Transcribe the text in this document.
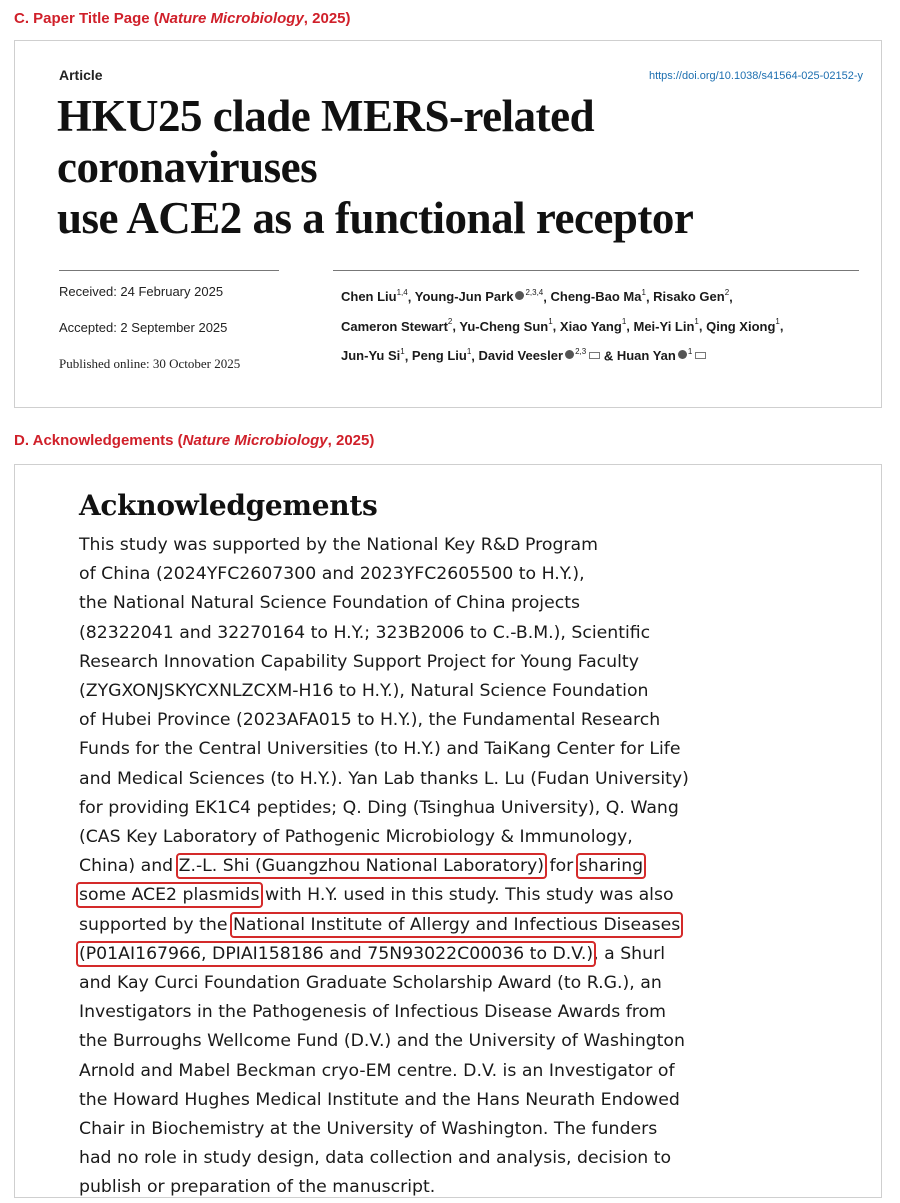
C. Paper Title Page (Nature Microbiology, 2025)
Article	https://doi.org/10.1038/s41564-025-02152-y
HKU25 clade MERS-related coronaviruses
use ACE2 as a functional receptor
Received: 24 February 2025
Accepted: 2 September 2025
Published online: 30 October 2025
Chen Liu$^{1,4}$, Young-Jun Park $^{2,3,4}$, Cheng-Bao Ma$^1$, Risako Gen$^2$,
Cameron Stewart$^2$, Yu-Cheng Sun$^1$, Xiao Yang$^1$, Mei-Yi Lin$^1$, Qing Xiong$^1$,
Jun-Yu Si$^1$, Peng Liu$^1$, David Veesler $^{2,3}$ & Huan Yan $^1$
D. Acknowledgements (Nature Microbiology, 2025)
Acknowledgements
This study was supported by the National Key R&D Program
of China (2024YFC2607300 and 2023YFC2605500 to H.Y.),
the National Natural Science Foundation of China projects
(82322041 and 32270164 to H.Y.; 323B2006 to C.-B.M.), Scientific
Research Innovation Capability Support Project for Young Faculty
(ZYGXONJSKYCXNLZCXM-H16 to H.Y.), Natural Science Foundation
of Hubei Province (2023AFA015 to H.Y.), the Fundamental Research
Funds for the Central Universities (to H.Y.) and TaiKang Center for Life
and Medical Sciences (to H.Y.). Yan Lab thanks L. Lu (Fudan University)
for providing EK1C4 peptides; Q. Ding (Tsinghua University), Q. Wang
(CAS Key Laboratory of Pathogenic Microbiology & Immunology,
China) and Z.-L. Shi (Guangzhou National Laboratory) for sharing
some ACE2 plasmids with H.Y. used in this study. This study was also
supported by the National Institute of Allergy and Infectious Diseases
(P01AI167966, DPIAI158186 and 75N93022C00036 to D.V.), a Shurl
and Kay Curci Foundation Graduate Scholarship Award (to R.G.), an
Investigators in the Pathogenesis of Infectious Disease Awards from
the Burroughs Wellcome Fund (D.V.) and the University of Washington
Arnold and Mabel Beckman cryo-EM centre. D.V. is an Investigator of
the Howard Hughes Medical Institute and the Hans Neurath Endowed
Chair in Biochemistry at the University of Washington. The funders
had no role in study design, data collection and analysis, decision to
publish or preparation of the manuscript.
